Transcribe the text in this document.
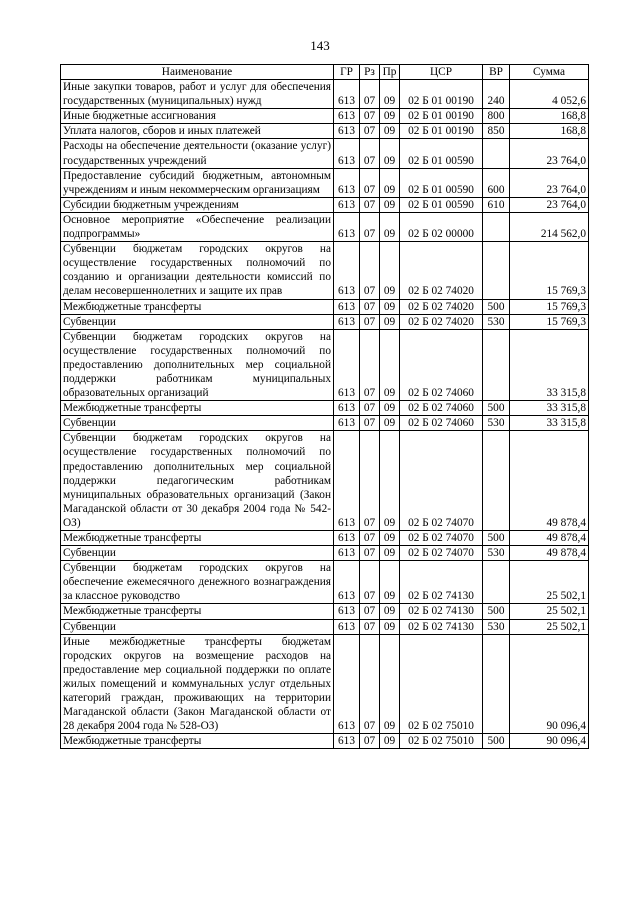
143
Наименование	ГР	Рз	Пр	ЦСР	ВР	Сумма
Иные закупки товаров, работ и услуг для обеспечения государственных (муниципальных) нужд	613	07	09	02 Б 01 00190	240	4 052,6
Иные бюджетные ассигнования	613	07	09	02 Б 01 00190	800	168,8
Уплата налогов, сборов и иных платежей	613	07	09	02 Б 01 00190	850	168,8
Расходы на обеспечение деятельности (оказание услуг) государственных учреждений	613	07	09	02 Б 01 00590		23 764,0
Предоставление субсидий бюджетным, автономным учреждениям и иным некоммерческим организациям	613	07	09	02 Б 01 00590	600	23 764,0
Субсидии бюджетным учреждениям	613	07	09	02 Б 01 00590	610	23 764,0
Основное мероприятие «Обеспечение реализации подпрограммы»	613	07	09	02 Б 02 00000		214 562,0
Субвенции бюджетам городских округов на осуществление государственных полномочий по созданию и организации деятельности комиссий по делам несовершеннолетних и защите их прав	613	07	09	02 Б 02 74020		15 769,3
Межбюджетные трансферты	613	07	09	02 Б 02 74020	500	15 769,3
Субвенции	613	07	09	02 Б 02 74020	530	15 769,3
Субвенции бюджетам городских округов на осуществление государственных полномочий по предоставлению дополнительных мер социальной поддержки работникам муниципальных образовательных организаций	613	07	09	02 Б 02 74060		33 315,8
Межбюджетные трансферты	613	07	09	02 Б 02 74060	500	33 315,8
Субвенции	613	07	09	02 Б 02 74060	530	33 315,8
Субвенции бюджетам городских округов на осуществление государственных полномочий по предоставлению дополнительных мер социальной поддержки педагогическим работникам муниципальных образовательных организаций (Закон Магаданской области от 30 декабря 2004 года № 542-ОЗ)	613	07	09	02 Б 02 74070		49 878,4
Межбюджетные трансферты	613	07	09	02 Б 02 74070	500	49 878,4
Субвенции	613	07	09	02 Б 02 74070	530	49 878,4
Субвенции бюджетам городских округов на обеспечение ежемесячного денежного вознаграждения за классное руководство	613	07	09	02 Б 02 74130		25 502,1
Межбюджетные трансферты	613	07	09	02 Б 02 74130	500	25 502,1
Субвенции	613	07	09	02 Б 02 74130	530	25 502,1
Иные межбюджетные трансферты бюджетам городских округов на возмещение расходов на предоставление мер социальной поддержки по оплате жилых помещений и коммунальных услуг отдельных категорий граждан, проживающих на территории Магаданской области (Закон Магаданской области от 28 декабря 2004 года № 528-ОЗ)	613	07	09	02 Б 02 75010		90 096,4
Межбюджетные трансферты	613	07	09	02 Б 02 75010	500	90 096,4
